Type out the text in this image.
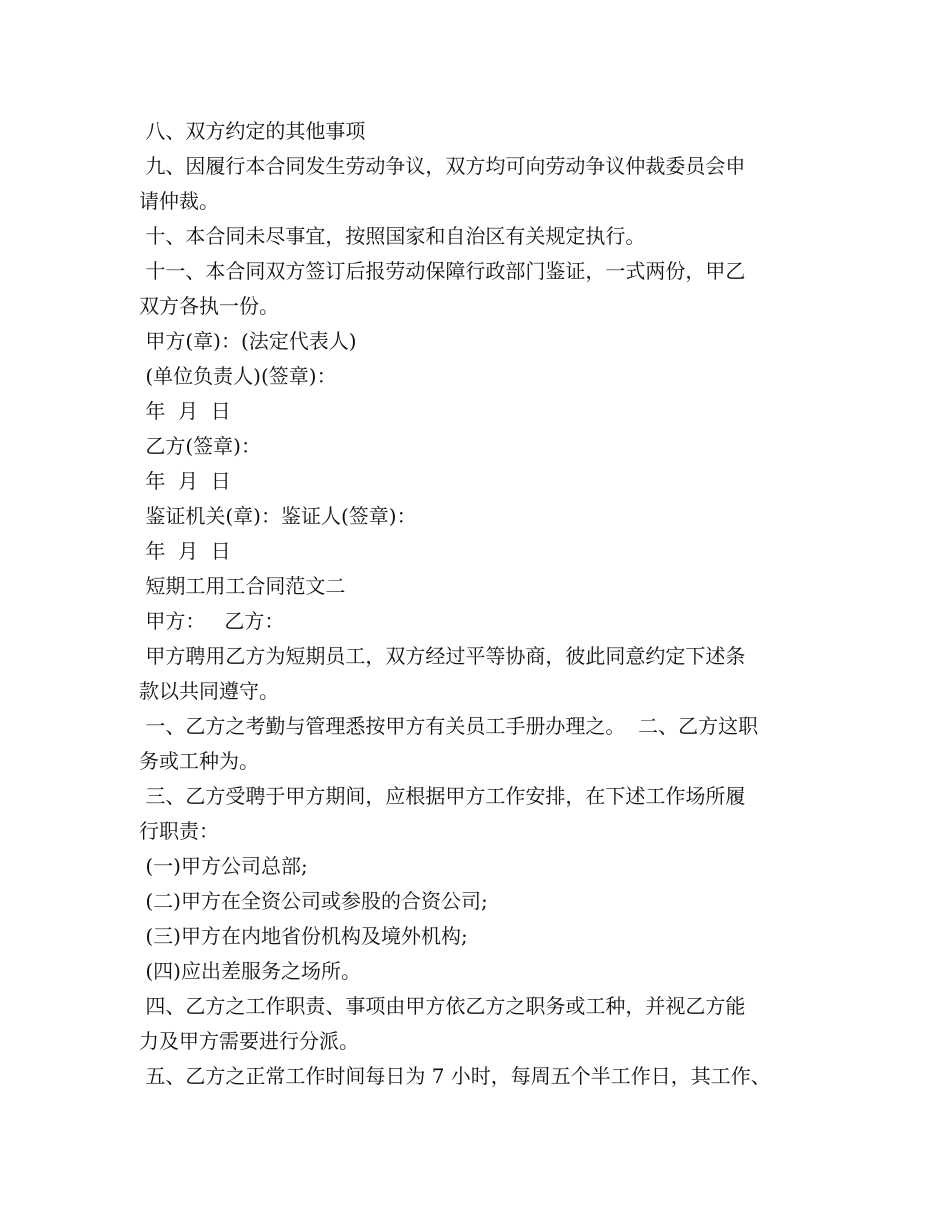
八、双方约定的其他事项
九、因履行本合同发生劳动争议，双方均可向劳动争议仲裁委员会申
请仲裁。
十、本合同未尽事宜，按照国家和自治区有关规定执行。
十一、本合同双方签订后报劳动保障行政部门鉴证，一式两份，甲乙
双方各执一份。
甲方(章)：(法定代表人)
(单位负责人)(签章)：
年  月  日
乙方(签章)：
年  月  日
鉴证机关(章)：鉴证人(签章)：
年  月  日
短期工用工合同范文二
甲方：   乙方：
甲方聘用乙方为短期员工，双方经过平等协商，彼此同意约定下述条
款以共同遵守。
一、乙方之考勤与管理悉按甲方有关员工手册办理之。  二、乙方这职
务或工种为。
三、乙方受聘于甲方期间，应根据甲方工作安排，在下述工作场所履
行职责：
(一)甲方公司总部;
(二)甲方在全资公司或参股的合资公司;
(三)甲方在内地省份机构及境外机构;
(四)应出差服务之场所。
四、乙方之工作职责、事项由甲方依乙方之职务或工种，并视乙方能
力及甲方需要进行分派。
五、乙方之正常工作时间每日为 7 小时，每周五个半工作日，其工作、
